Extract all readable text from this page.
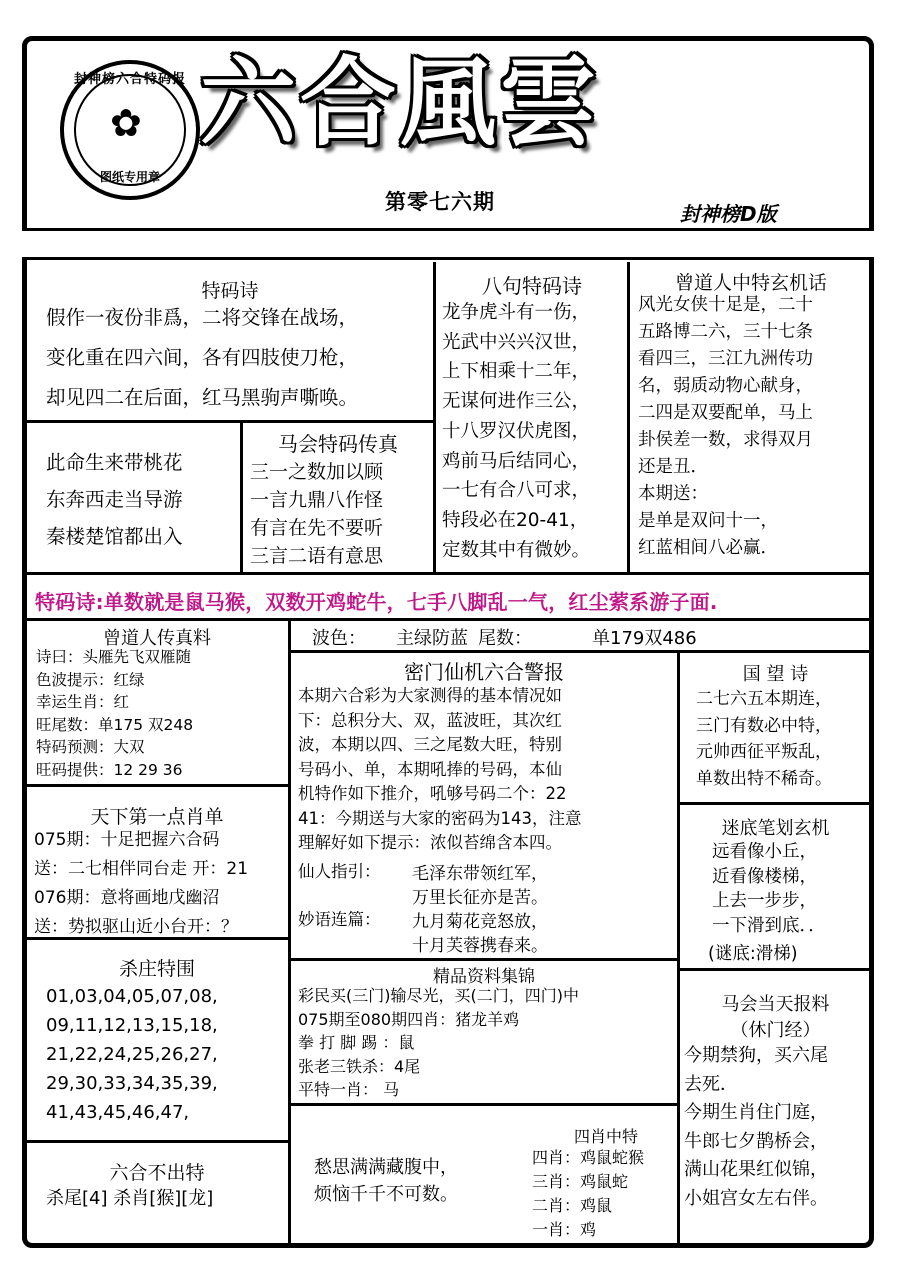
封神榜六合特码报
✿
图纸专用章
六合風雲
第零七六期	封神榜D版
特码诗
假作一夜份非爲，二将交锋在战场，
变化重在四六间，各有四肢使刀枪，
却见四二在后面，红马黑驹声嘶唤。
此命生来带桃花
东奔西走当导游
秦楼楚馆都出入
马会特码传真
三一之数加以顾
一言九鼎八作怪
有言在先不要听
三言二语有意思
八句特码诗
龙争虎斗有一伤，
光武中兴兴汉世，
上下相乘十二年，
无谋何进作三公，
十八罗汉伏虎图，
鸡前马后结同心，
一七有合八可求，
特段必在20-41，
定数其中有微妙。
曾道人中特玄机话
风光女侠十足是，二十
五路博二六，三十七条
看四三，三江九洲传功
名，弱质动物心献身，
二四是双要配单，马上
卦侯差一数，求得双月
还是丑．
本期送：
是单是双问十一，
红蓝相间八必赢．
特码诗:单数就是鼠马猴，双数开鸡蛇牛，七手八脚乱一气，红尘萦系游子面.
曾道人传真料
诗曰：头雁先飞双雁随
色波提示：红绿
幸运生肖：红
旺尾数：单175 双248
特码预测：大双
旺码提供：12 29 36
天下第一点肖单
075期：十足把握六合码
送：二七相伴同台走 开：21
076期：意将画地戊幽沼
送：势拟驱山近小台开：？
杀庄特围
01,03,04,05,07,08,
09,11,12,13,15,18,
21,22,24,25,26,27,
29,30,33,34,35,39,
41,43,45,46,47,
六合不出特
杀尾[4] 杀肖[猴][龙]
波色： 主绿防蓝 尾数：	单179双486
密门仙机六合警报
本期六合彩为大家测得的基本情况如
下：总积分大、双，蓝波旺，其次红
波，本期以四、三之尾数大旺，特别
号码小、单，本期吼捧的号码，本仙
机特作如下推介，吼够号码二个：22
41：今期送与大家的密码为143，注意
理解好如下提示：浓似苔绵含本四。
仙人指引：
妙语连篇：
毛泽东带领红军，
万里长征亦是苦。
九月菊花竞怒放，
十月芙蓉携春来。
精品资料集锦
彩民买(三门)输尽光，买(二门，四门)中
075期至080期四肖：猪龙羊鸡
拳 打 脚 踢 ：鼠
张老三铁杀：4尾
平特一肖： 马
愁思满满藏腹中，
烦恼千千不可数。
四肖中特
四肖：鸡鼠蛇猴
三肖：鸡鼠蛇
二肖：鸡鼠
一肖：鸡
国 望 诗
二七六五本期连，
三门有数必中特，
元帅西征平叛乱，
单数出特不稀奇。
迷底笔划玄机
远看像小丘，
近看像楼梯，
上去一步步，
一下滑到底．．
(谜底:滑梯)
马会当天报料
（休门经）
今期禁狗，买六尾
去死．
今期生肖住门庭，
牛郎七夕鹊桥会，
满山花果红似锦，
小姐宫女左右伴。
